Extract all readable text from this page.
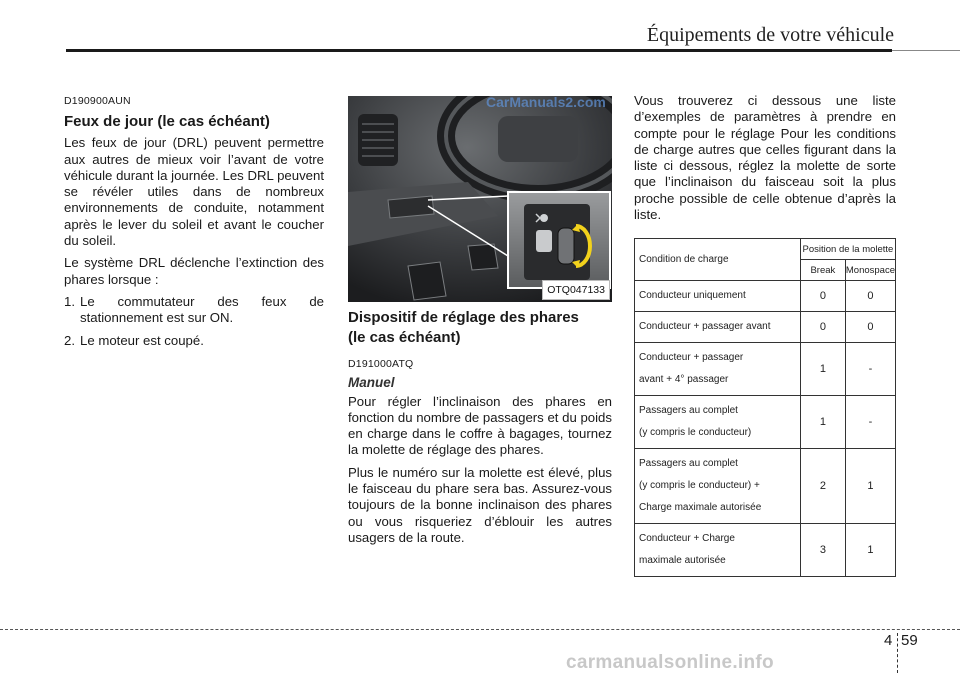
Équipements de votre véhicule
D190900AUN
Feux de jour (le cas échéant)

Les feux de jour (DRL) peuvent permettre aux autres de mieux voir l’avant de votre véhicule durant la journée. Les DRL peuvent se révéler utiles dans de nombreux environnements de conduite, notamment après le lever du soleil et avant le coucher du soleil.

Le système DRL déclenche l’extinction des phares lorsque :

1. Le commutateur des feux de stationnement est sur ON.
2. Le moteur est coupé.
CarManuals2.com
OTQ047133
Dispositif de réglage des phares
(le cas échéant)
D191000ATQ
Manuel

Pour régler l’inclinaison des phares en fonction du nombre de passagers et du poids en charge dans le coffre à bagages, tournez la molette de réglage des phares.

Plus le numéro sur la molette est élevé, plus le faisceau du phare sera bas. Assurez-vous toujours de la bonne inclinaison des phares ou vous risqueriez d’éblouir les autres usagers de la route.

Vous trouverez ci dessous une liste d’exemples de paramètres à prendre en compte pour le réglage Pour les conditions de charge autres que celles figurant dans la liste ci dessous, réglez la molette de sorte que l’inclinaison du faisceau soit la plus proche possible de celle obtenue d’après la liste.

Condition de charge	Position de la molette	
	Break	Monospace
Conducteur uniquement	0	0
Conducteur + passager avant	0	0
Conducteur + passager
avant + 4° passager	1	-
Passagers au complet
(y compris le conducteur)	1	-
Passagers au complet
(y compris le conducteur) +
Charge maximale autorisée	2	1
Conducteur + Charge
maximale autorisée	3	1
4 59
carmanualsonline.info
